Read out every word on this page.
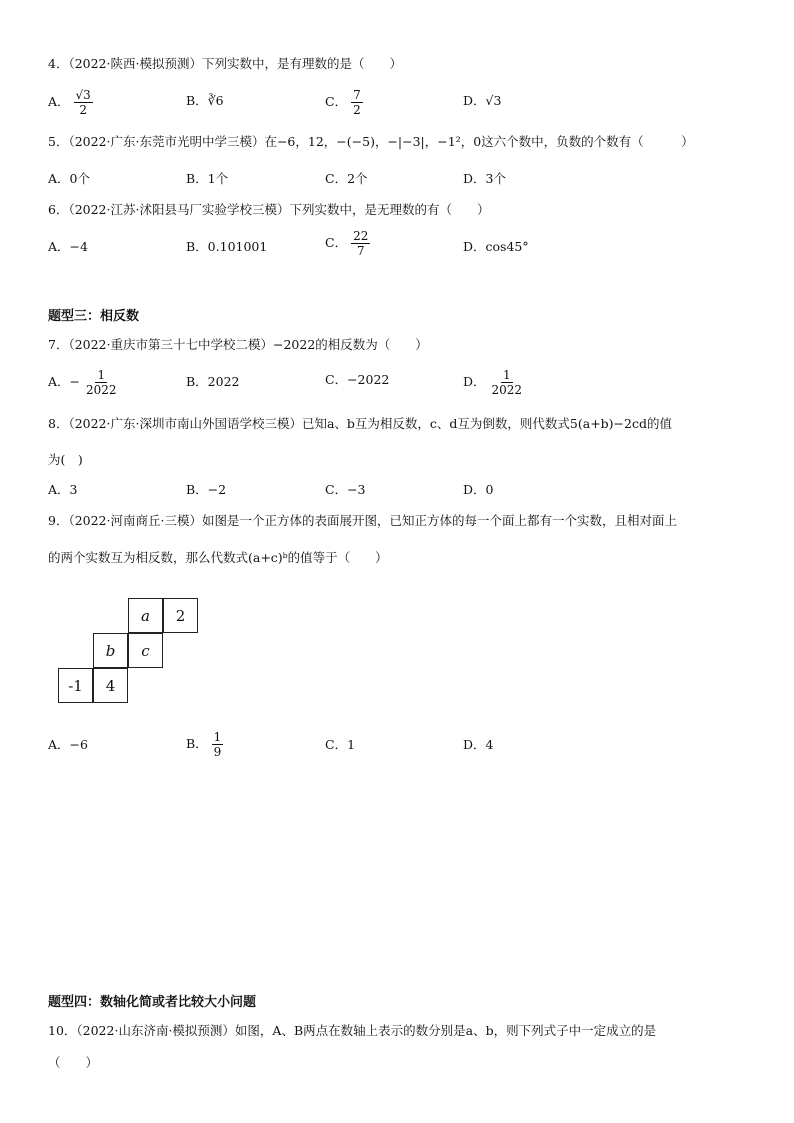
4．（2022·陕西·模拟预测）下列实数中，是有理数的是（　　）
A． $\frac{√3}{2}$	B．∛6	C． $\frac{7}{2}$	D．√3
5．（2022·广东·东莞市光明中学三模）在−6，12，−(−5)，−|−3|，−1²，0这六个数中，负数的个数有（　　　）
A．0个	B．1个	C．2个	D．3个
6．（2022·江苏·沭阳县马厂实验学校三模）下列实数中，是无理数的有（　　）
A．−4	B．0.101001	C． $\frac{22}{7}$	D．cos45°
题型三：相反数
7．（2022·重庆市第三十七中学校二模）−2022的相反数为（　　）
A．− $\frac{1}{2022}$	B．2022	C．−2022	D． $\frac{1}{2022}$
8．（2022·广东·深圳市南山外国语学校三模）已知a、b互为相反数，c、d互为倒数，则代数式5(a+b)−2cd的值
为(　)
A．3	B．−2	C．−3	D．0
9．（2022·河南商丘·三模）如图是一个正方体的表面展开图，已知正方体的每一个面上都有一个实数，且相对面上
的两个实数互为相反数，那么代数式(a+c)ᵇ的值等于（　　）
a	2
b	c
-1	4
A．−6	B． $\frac{1}{9}$	C．1	D．4
题型四：数轴化简或者比较大小问题
10．（2022·山东济南·模拟预测）如图，A、B两点在数轴上表示的数分别是a、b，则下列式子中一定成立的是
（　　）
